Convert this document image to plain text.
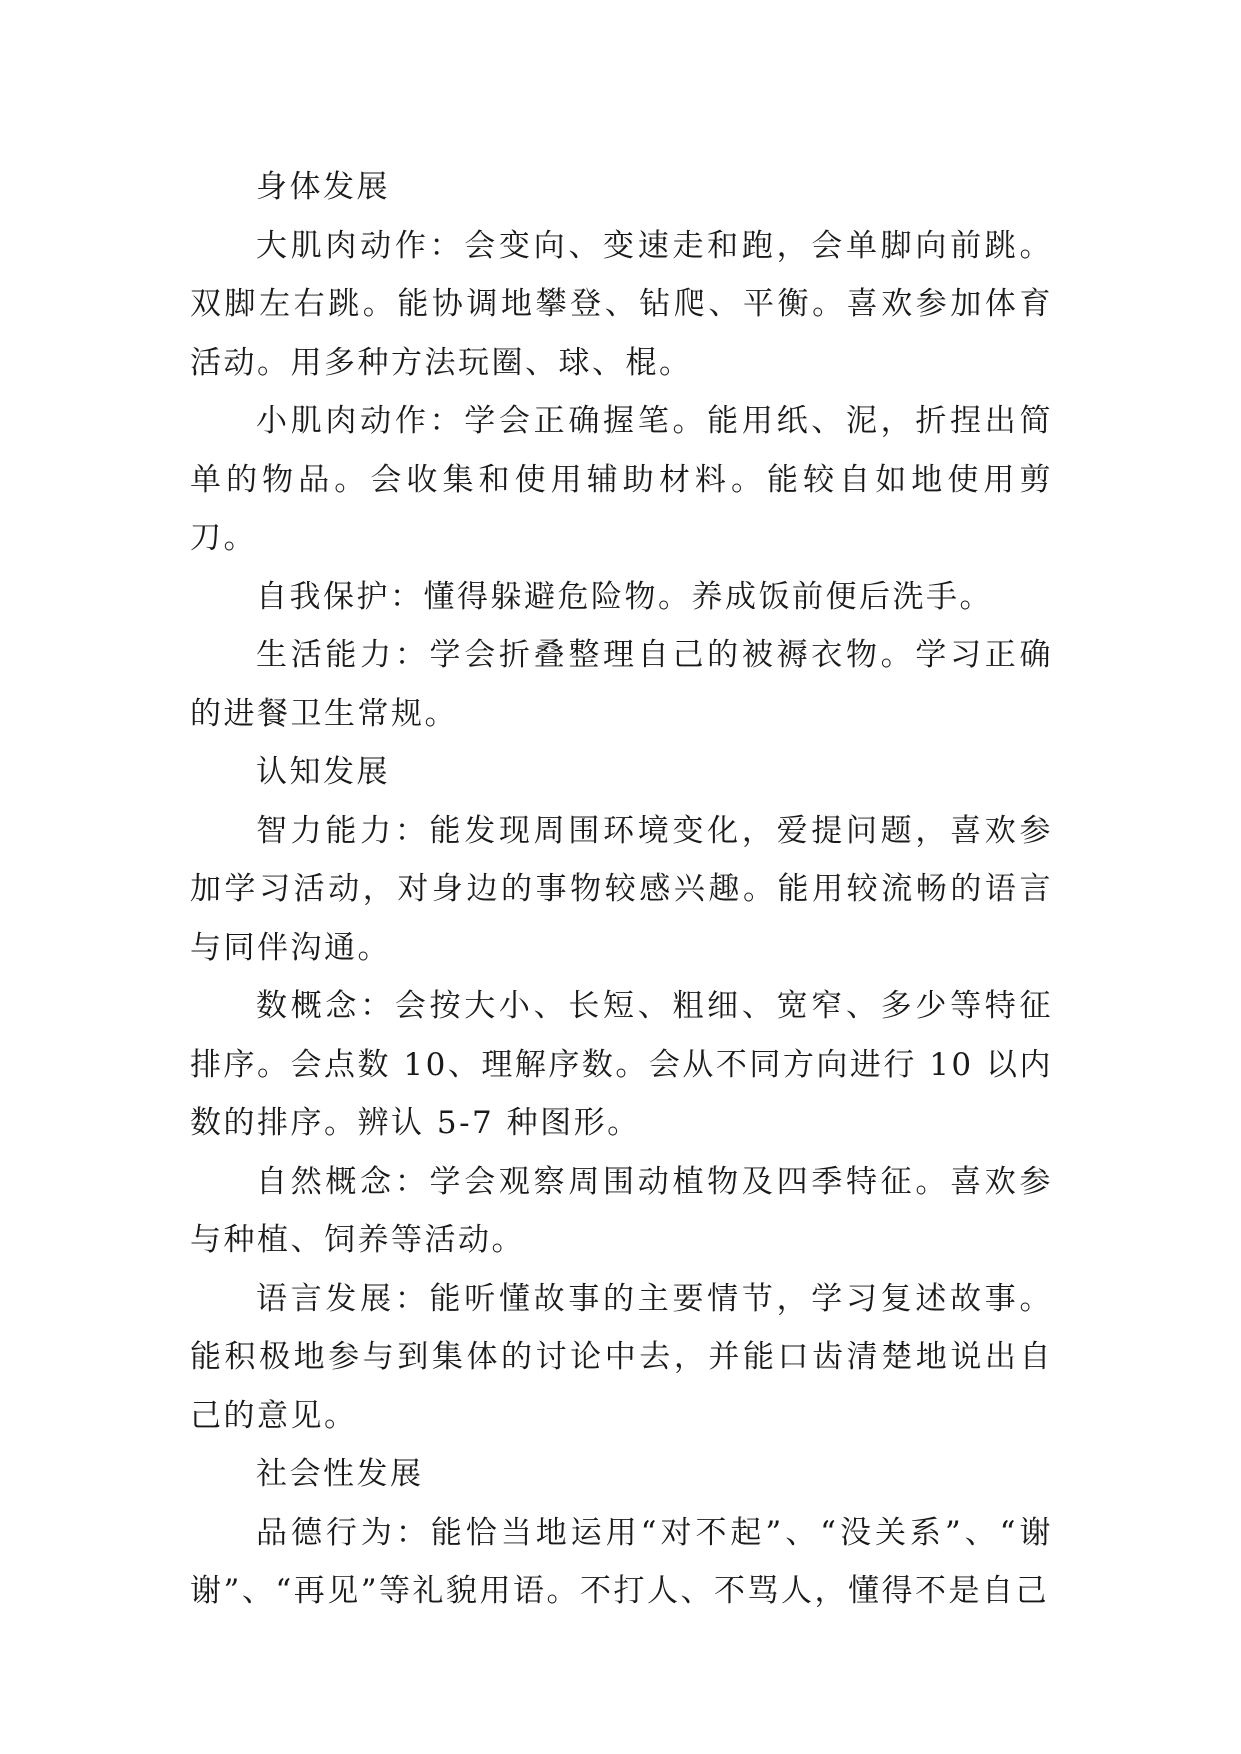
身体发展

大肌肉动作：会变向、变速走和跑，会单脚向前跳。双脚左右跳。能协调地攀登、钻爬、平衡。喜欢参加体育活动。用多种方法玩圈、球、棍。

小肌肉动作：学会正确握笔。能用纸、泥，折捏出简单的物品。会收集和使用辅助材料。能较自如地使用剪刀。

自我保护：懂得躲避危险物。养成饭前便后洗手。

生活能力：学会折叠整理自己的被褥衣物。学习正确的进餐卫生常规。

认知发展

智力能力：能发现周围环境变化，爱提问题，喜欢参加学习活动，对身边的事物较感兴趣。能用较流畅的语言与同伴沟通。

数概念：会按大小、长短、粗细、宽窄、多少等特征排序。会点数 10、理解序数。会从不同方向进行 10 以内数的排序。辨认 5-7 种图形。

自然概念：学会观察周围动植物及四季特征。喜欢参与种植、饲养等活动。

语言发展：能听懂故事的主要情节，学习复述故事。能积极地参与到集体的讨论中去，并能口齿清楚地说出自己的意见。

社会性发展

品德行为：能恰当地运用“对不起”、“没关系”、“谢谢”、“再见”等礼貌用语。不打人、不骂人，懂得不是自己
